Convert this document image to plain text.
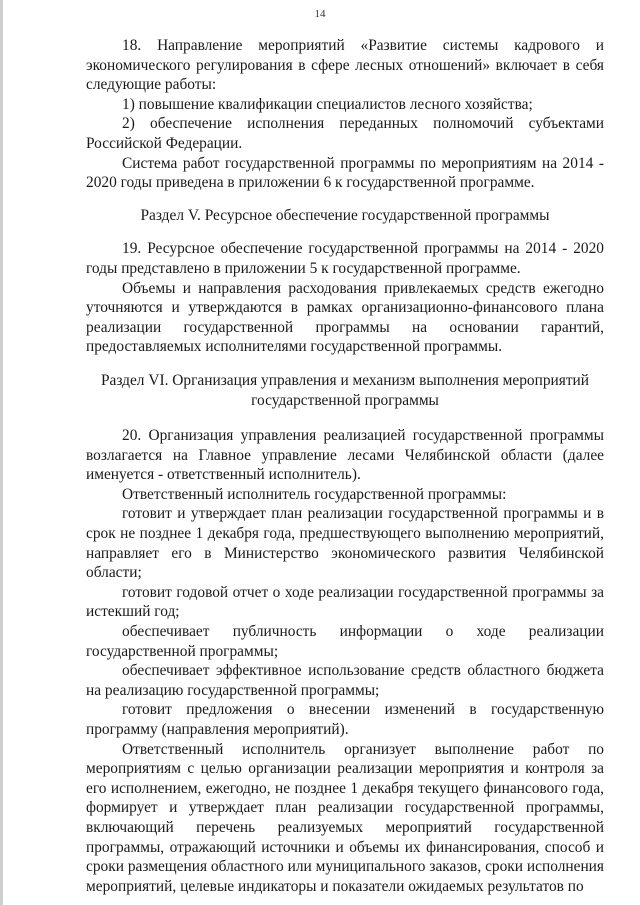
14

18. Направление мероприятий «Развитие системы кадрового и экономического регулирования в сфере лесных отношений» включает в себя следующие работы:

1) повышение квалификации специалистов лесного хозяйства;

2) обеспечение исполнения переданных полномочий субъектами Российской Федерации.

Система работ государственной программы по мероприятиям на 2014 - 2020 годы приведена в приложении 6 к государственной программе.

Раздел V. Ресурсное обеспечение государственной программы

19. Ресурсное обеспечение государственной программы на 2014 - 2020 годы представлено в приложении 5 к государственной программе.

Объемы и направления расходования привлекаемых средств ежегодно уточняются и утверждаются в рамках организационно-финансового плана реализации государственной программы на основании гарантий, предоставляемых исполнителями государственной программы.

Раздел VI. Организация управления и механизм выполнения мероприятий

государственной программы

20. Организация управления реализацией государственной программы возлагается на Главное управление лесами Челябинской области (далее именуется - ответственный исполнитель).

Ответственный исполнитель государственной программы:

готовит и утверждает план реализации государственной программы и в срок не позднее 1 декабря года, предшествующего выполнению мероприятий, направляет его в Министерство экономического развития Челябинской области;

готовит годовой отчет о ходе реализации государственной программы за истекший год;

обеспечивает публичность информации о ходе реализации государственной программы;

обеспечивает эффективное использование средств областного бюджета на реализацию государственной программы;

готовит предложения о внесении изменений в государственную программу (направления мероприятий).

Ответственный исполнитель организует выполнение работ по мероприятиям с целью организации реализации мероприятия и контроля за его исполнением, ежегодно, не позднее 1 декабря текущего финансового года, формирует и утверждает план реализации государственной программы, включающий перечень реализуемых мероприятий государственной программы, отражающий источники и объемы их финансирования, способ и сроки размещения областного или муниципального заказов, сроки исполнения мероприятий, целевые индикаторы и показатели ожидаемых результатов по
